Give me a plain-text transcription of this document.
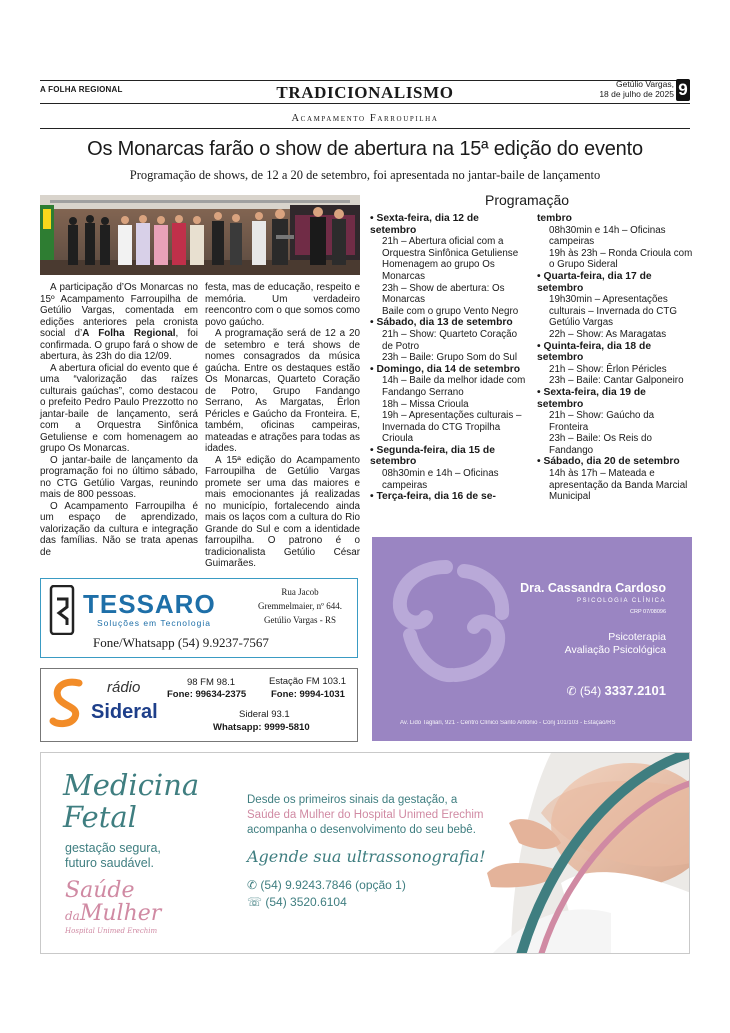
A FOLHA REGIONAL	TRADICIONALISMO	Getúlio Vargas,
18 de julho de 2025 9
Acampamento Farroupilha
Os Monarcas farão o show de abertura na 15ª edição do evento
Programação de shows, de 12 a 20 de setembro, foi apresentada no jantar-baile de lançamento

A participação d’Os Monarcas no 15º Acampamento Farroupilha de Getúlio Vargas, comentada em edições anteriores pela cronista social d’A Folha Regional, foi confirmada. O grupo fará o show de abertura, às 23h do dia 12/09.

A abertura oficial do evento que é uma “valorização das raízes culturais gaúchas”, como destacou o prefeito Pedro Paulo Prezzotto no jantar-baile de lançamento, será com a Orquestra Sinfônica Getuliense e com homenagem ao grupo Os Monarcas.

O jantar-baile de lançamento da programação foi no último sábado, no CTG Getúlio Vargas, reunindo mais de 800 pessoas.

O Acampamento Farroupilha é um espaço de aprendizado, valorização da cultura e integração das famílias. Não se trata apenas de

festa, mas de educação, respeito e memória. Um verdadeiro reencontro com o que somos como povo gaúcho.

A programação será de 12 a 20 de setembro e terá shows de nomes consagrados da música gaúcha. Entre os destaques estão Os Monarcas, Quarteto Coração de Potro, Grupo Fandango Serrano, As Margatas, Êrlon Péricles e Gaúcho da Fronteira. E, também, oficinas campeiras, mateadas e atrações para todas as idades.

A 15ª edição do Acampamento Farroupilha de Getúlio Vargas promete ser uma das maiores e mais emocionantes já realizadas no município, fortalecendo ainda mais os laços com a cultura do Rio Grande do Sul e com a identidade farroupilha. O patrono é o tradicionalista Getúlio César Guimarães.

Programação
• Sexta-feira, dia 12 de setembro
21h – Abertura oficial com a Orquestra Sinfônica Getuliense
Homenagem ao grupo Os Monarcas
23h – Show de abertura: Os Monarcas
Baile com o grupo Vento Negro
• Sábado, dia 13 de setembro
21h – Show: Quarteto Coração de Potro
23h – Baile: Grupo Som do Sul
• Domingo, dia 14 de setembro
14h – Baile da melhor idade com Fandango Serrano
18h – Missa Crioula
19h – Apresentações culturais – Invernada do CTG Tropilha Crioula
• Segunda-feira, dia 15 de setembro
08h30min e 14h – Oficinas campeiras
• Terça-feira, dia 16 de se-
tembro
08h30min e 14h – Oficinas campeiras
19h às 23h – Ronda Crioula com o Grupo Sideral
• Quarta-feira, dia 17 de setembro
19h30min – Apresentações culturais – Invernada do CTG Getúlio Vargas
22h – Show: As Maragatas
• Quinta-feira, dia 18 de setembro
21h – Show: Êrlon Péricles
23h – Baile: Cantar Galponeiro
• Sexta-feira, dia 19 de setembro
21h – Show: Gaúcho da Fronteira
23h – Baile: Os Reis do Fandango
• Sábado, dia 20 de setembro
14h às 17h – Mateada e apresentação da Banda Marcial Municipal
TESSARO
Soluções em Tecnologia
Rua Jacob
Gremmelmaier, nº 644.
Getúlio Vargas - RS
Fone/Whatsapp (54) 9.9237-7567
rádio
Sideral
98 FM 98.1
Fone: 99634-2375
Estação FM 103.1
Fone: 9994-1031
Sideral 93.1
Whatsapp: 9999-5810
Dra. Cassandra Cardoso
PSICOLOGIA CLÍNICA
CRP 07/08096
Psicoterapia
Avaliação Psicológica
✆ (54) 3337.2101
Av. Lido Tagliari, 921 - Centro Clínico Santo Antônio - Conj 101/103 - Estação/RS
Medicina
Fetal
gestação segura,
futuro saudável.
Saúde
daMulher
Hospital Unimed Erechim
Desde os primeiros sinais da gestação, a
Saúde da Mulher do Hospital Unimed Erechim
acompanha o desenvolvimento do seu bebê.
Agende sua ultrassonografia!
✆ (54) 9.9243.7846 (opção 1)
☏ (54) 3520.6104
